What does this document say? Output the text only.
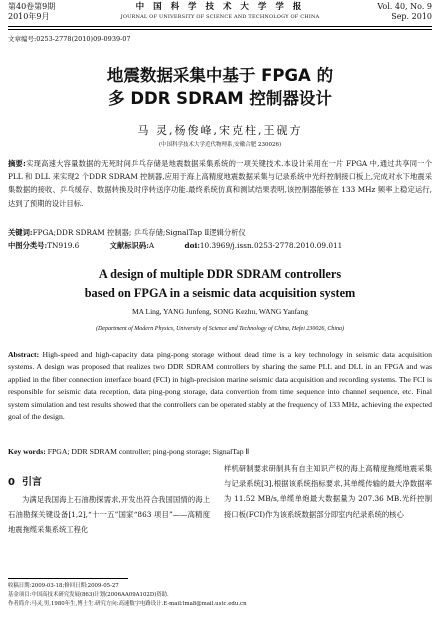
第40卷第9期
2010年9月
中 国 科 学 技 术 大 学 学 报
JOURNAL OF UNIVERSITY OF SCIENCE AND TECHNOLOGY OF CHINA
Vol. 40, No. 9
Sep. 2010
文章编号:0253-2778(2010)09-0939-07
地震数据采集中基于 FPGA 的
多 DDR SDRAM 控制器设计
马 灵,杨俊峰,宋克柱,王砚方
(中国科学技术大学近代物理系,安徽合肥 230026)
摘要:实现高速大容量数据的无死时间乒乓存储是地震数据采集系统的一项关键技术.本设计采用在一片 FPGA 中,通过共享同一个PLL 和 DLL 来实现2 个DDR SDRAM 控制器,应用于海上高精度地震数据采集与记录系统中光纤控制接口板上,完成对水下地震采集数据的接收、乒乓缓存、数据转换及时序转送序功能.最终系统仿真和测试结果表明,该控制器能够在 133 MHz 频率上稳定运行,达到了预期的设计目标.
关键词:FPGA;DDR SDRAM 控制器; 乒乓存储;SignalTap Ⅱ逻辑分析仪
中图分类号:TN919.6	文献标识码:A	doi:10.3969/j.issn.0253-2778.2010.09.011
A design of multiple DDR SDRAM controllers
based on FPGA in a seismic data acquisition system
MA Ling, YANG Junfeng, SONG Kezhu, WANG Yanfang
(Department of Modern Physics, University of Science and Technology of China, Hefei 230026, China)
Abstract: High-speed and high-capacity data ping-pong storage without dead time is a key technology in seismic data acquisition systems. A design was proposed that realizes two DDR SDRAM controllers by sharing the same PLL and DLL in an FPGA and was applied in the fiber connection interface board (FCI) in high-precision marine seismic data acquisition and recording systems. The FCI is responsible for seismic data reception, data ping-pong storage, data convertion from time sequence into channel sequence, etc. Final system simulation and test results showed that the controllers can be operated stably at the frequency of 133 MHz, achieving the expected goal of the design.
Key words: FPGA; DDR SDRAM controller; ping-pong storage; SignalTap Ⅱ
0 引言
为满足我国海上石油勘探需求,开发出符合我国国情的海上石油勘探关键设备[1,2],“十一五”国家“863 项目”——高精度地震拖缆采集系统工程化
样机研制要求研制具有自主知识产权的海上高精度拖缆地震采集与记录系统[3],根据该系统指标要求,其单缆传输的最大净数据率为 11.52 MB/s,单缆单炮最大数据量为 207.36 MB.光纤控制接口板(FCI)作为该系统数据部分即室内纪录系统的核心
收稿日期:2009-03-18;修回日期:2009-05-27
基金项目:中国高技术研究发展(863)计划(2006AA09A102D)资助.
作者简介:马灵,男,1980年生,博士生.研究方向:高速数字电路设计.E-mail:lma8@mail.ustc.edu.cn
